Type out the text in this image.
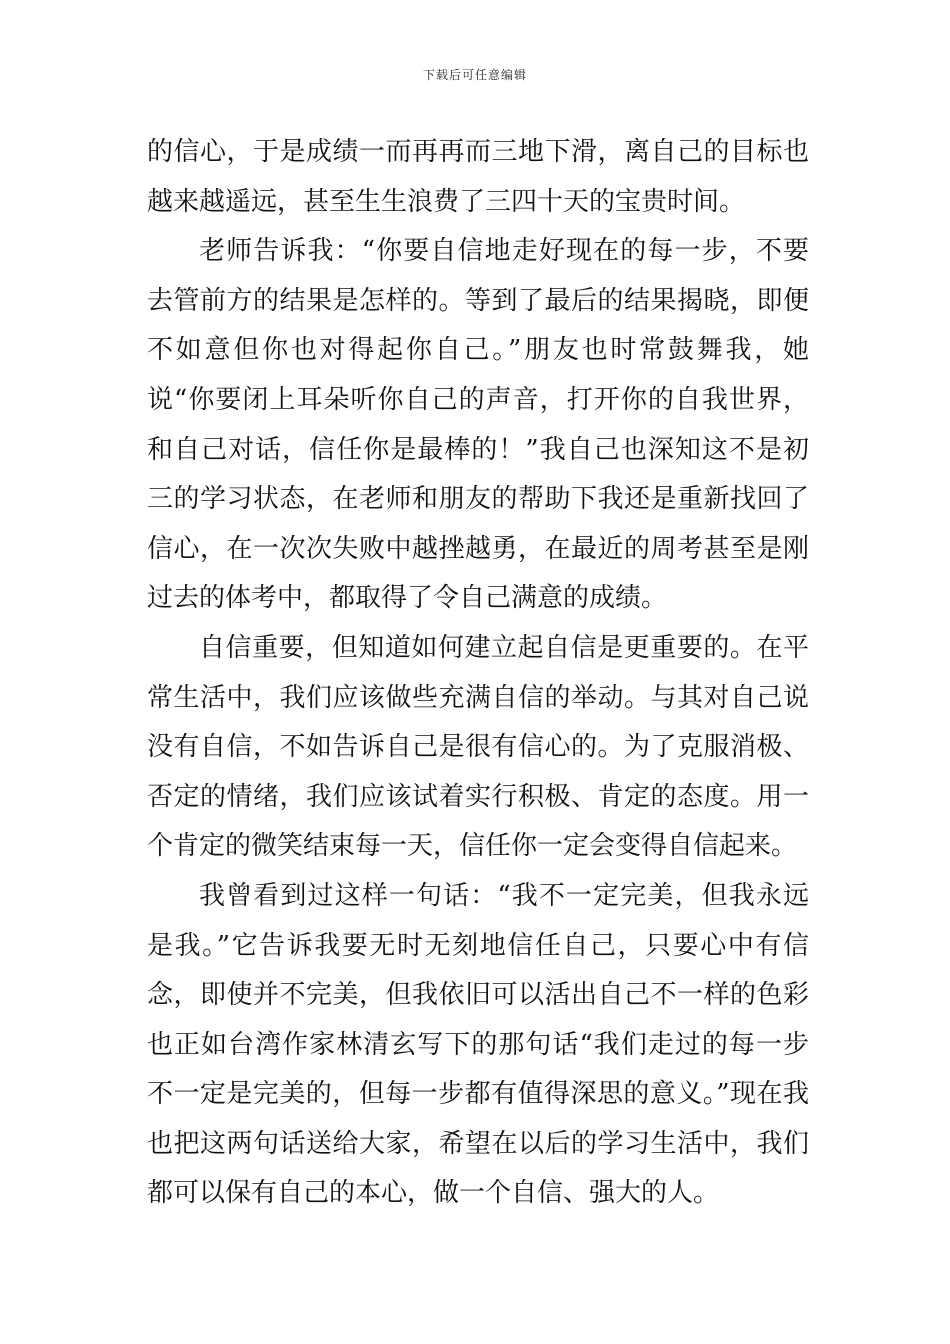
下载后可任意编辑

的信心，于是成绩一而再再而三地下滑，离自己的目标也越来越遥远，甚至生生浪费了三四十天的宝贵时间。

老师告诉我：“你要自信地走好现在的每一步，不要去管前方的结果是怎样的。等到了最后的结果揭晓，即便不如意但你也对得起你自己。”朋友也时常鼓舞我，她说“你要闭上耳朵听你自己的声音，打开你的自我世界，和自己对话，信任你是最棒的！”我自己也深知这不是初三的学习状态，在老师和朋友的帮助下我还是重新找回了信心，在一次次失败中越挫越勇，在最近的周考甚至是刚过去的体考中，都取得了令自己满意的成绩。

自信重要，但知道如何建立起自信是更重要的。在平常生活中，我们应该做些充满自信的举动。与其对自己说没有自信，不如告诉自己是很有信心的。为了克服消极、否定的情绪，我们应该试着实行积极、肯定的态度。用一个肯定的微笑结束每一天，信任你一定会变得自信起来。

我曾看到过这样一句话：“我不一定完美，但我永远是我。”它告诉我要无时无刻地信任自己，只要心中有信念，即使并不完美，但我依旧可以活出自己不一样的色彩也正如台湾作家林清玄写下的那句话“我们走过的每一步不一定是完美的，但每一步都有值得深思的意义。”现在我也把这两句话送给大家，希望在以后的学习生活中，我们都可以保有自己的本心，做一个自信、强大的人。
